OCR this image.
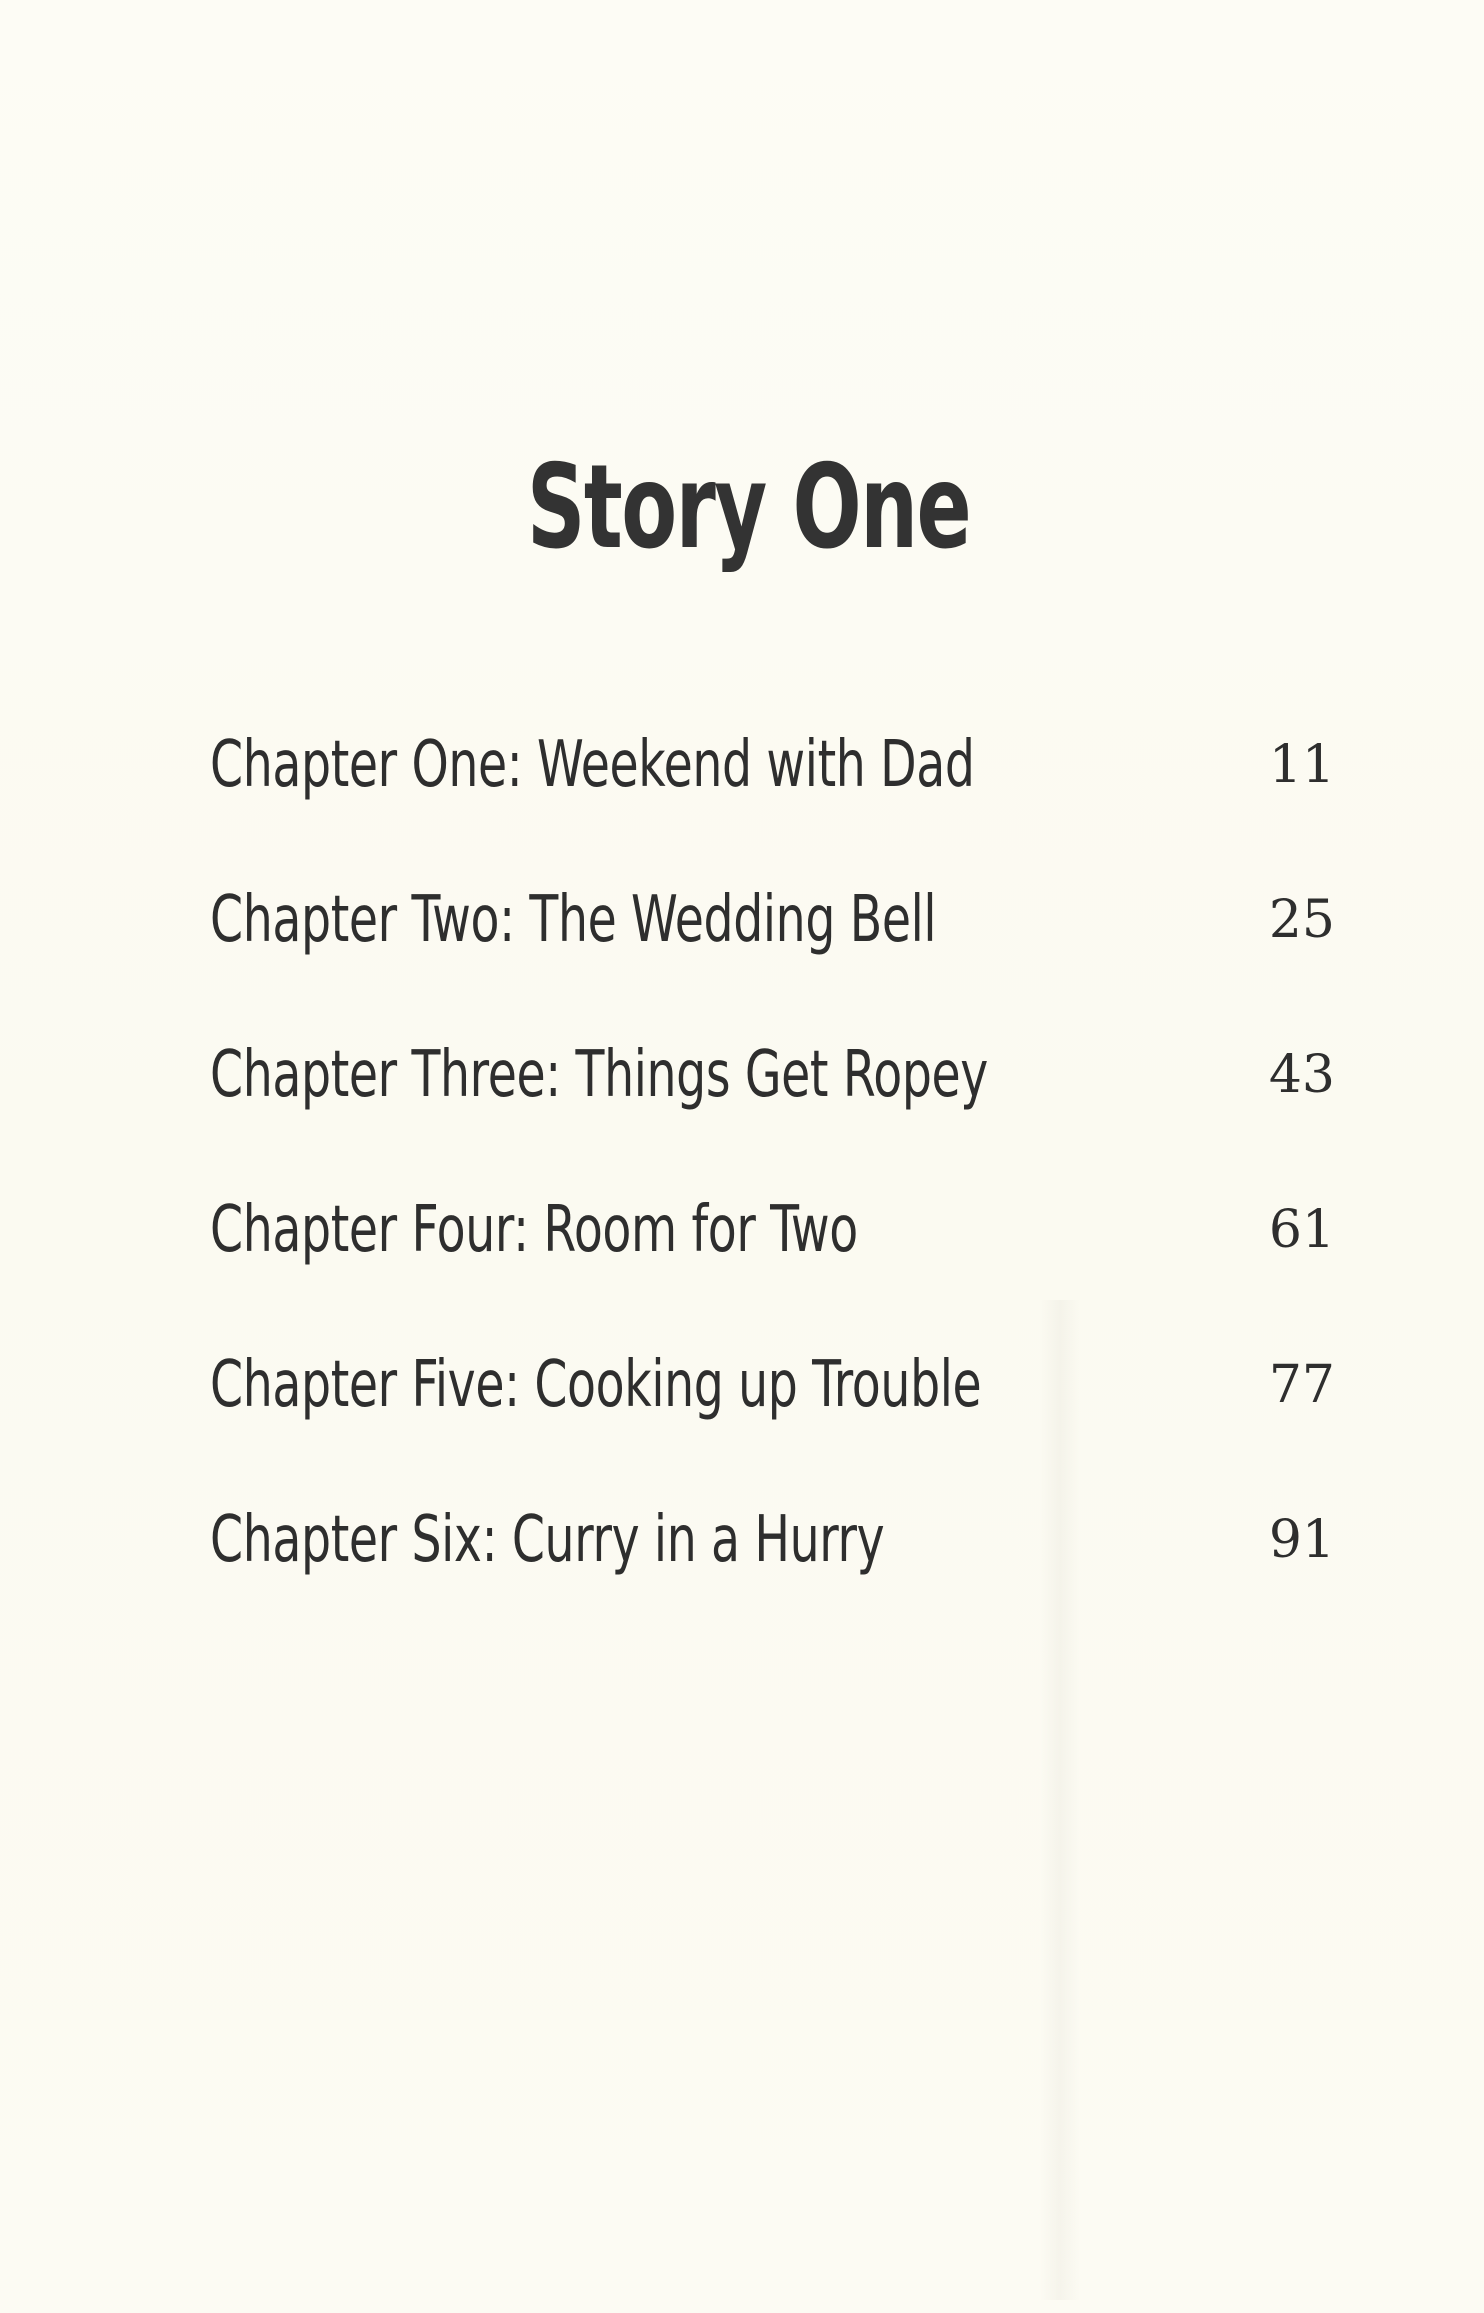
Story One
Chapter One: Weekend with Dad	11
Chapter Two: The Wedding Bell	25
Chapter Three: Things Get Ropey	43
Chapter Four: Room for Two	61
Chapter Five: Cooking up Trouble	77
Chapter Six: Curry in a Hurry	91
